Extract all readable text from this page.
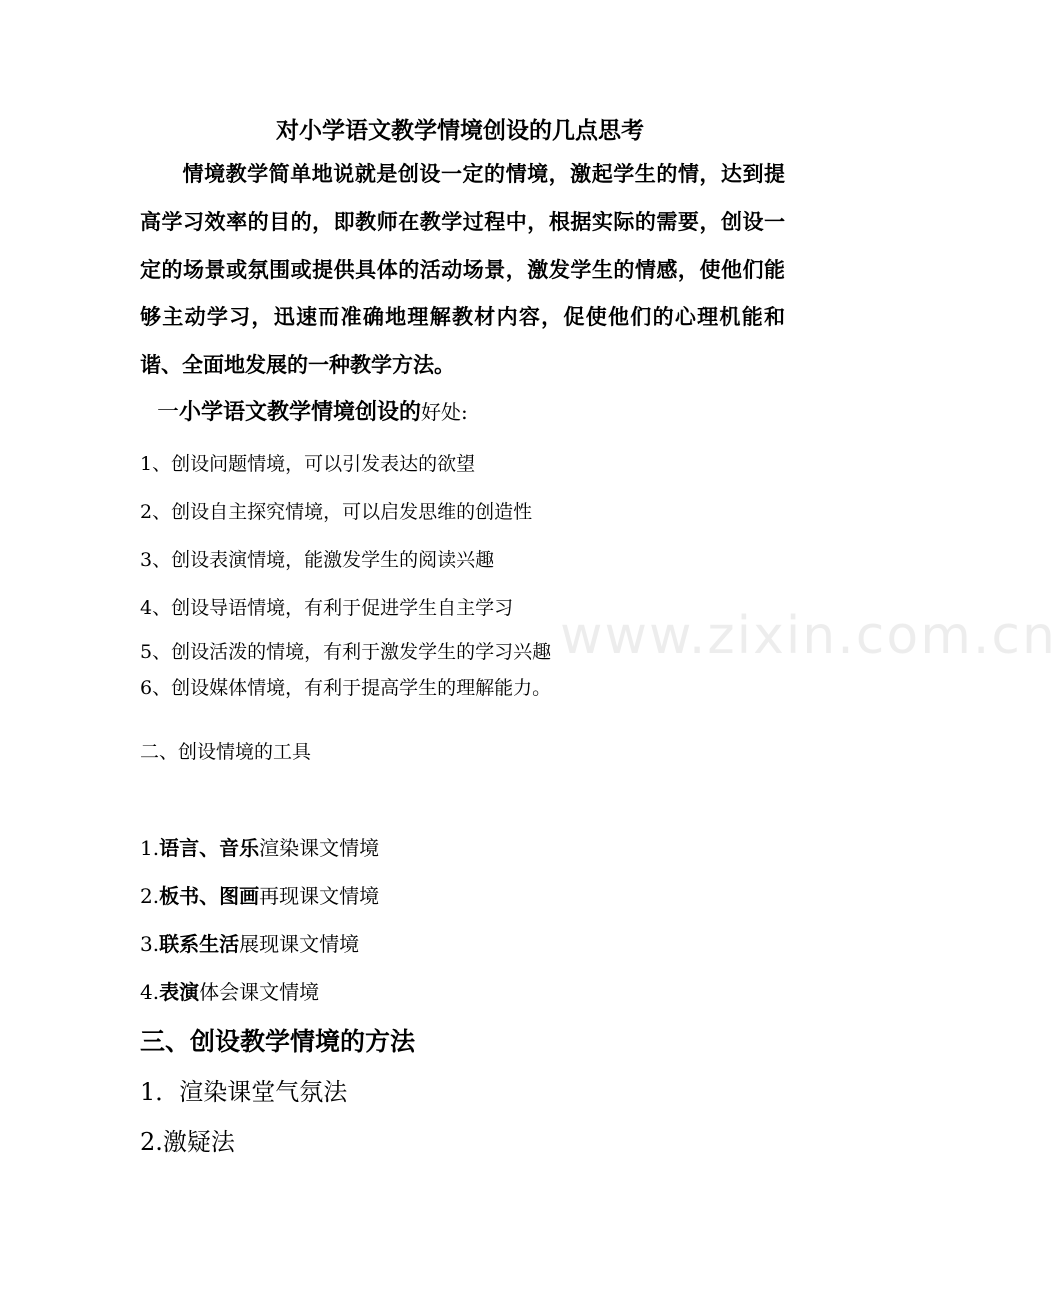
www.zixin.com.cn
对小学语文教学情境创设的几点思考

情境教学简单地说就是创设一定的情境，激起学生的情，达到提高学习效率的目的，即教师在教学过程中，根据实际的需要，创设一定的场景或氛围或提供具体的活动场景，激发学生的情感，使他们能够主动学习，迅速而准确地理解教材内容，促使他们的心理机能和谐、全面地发展的一种教学方法。

一小学语文教学情境创设的好处:
1、创设问题情境，可以引发表达的欲望
2、创设自主探究情境，可以启发思维的创造性
3、创设表演情境，能激发学生的阅读兴趣
4、创设导语情境，有利于促进学生自主学习
5、创设活泼的情境，有利于激发学生的学习兴趣
6、创设媒体情境，有利于提高学生的理解能力。
二、创设情境的工具
1.语言、音乐渲染课文情境
2.板书、图画再现课文情境
3.联系生活展现课文情境
4.表演体会课文情境
三、创设教学情境的方法
1．渲染课堂气氛法
2.激疑法
